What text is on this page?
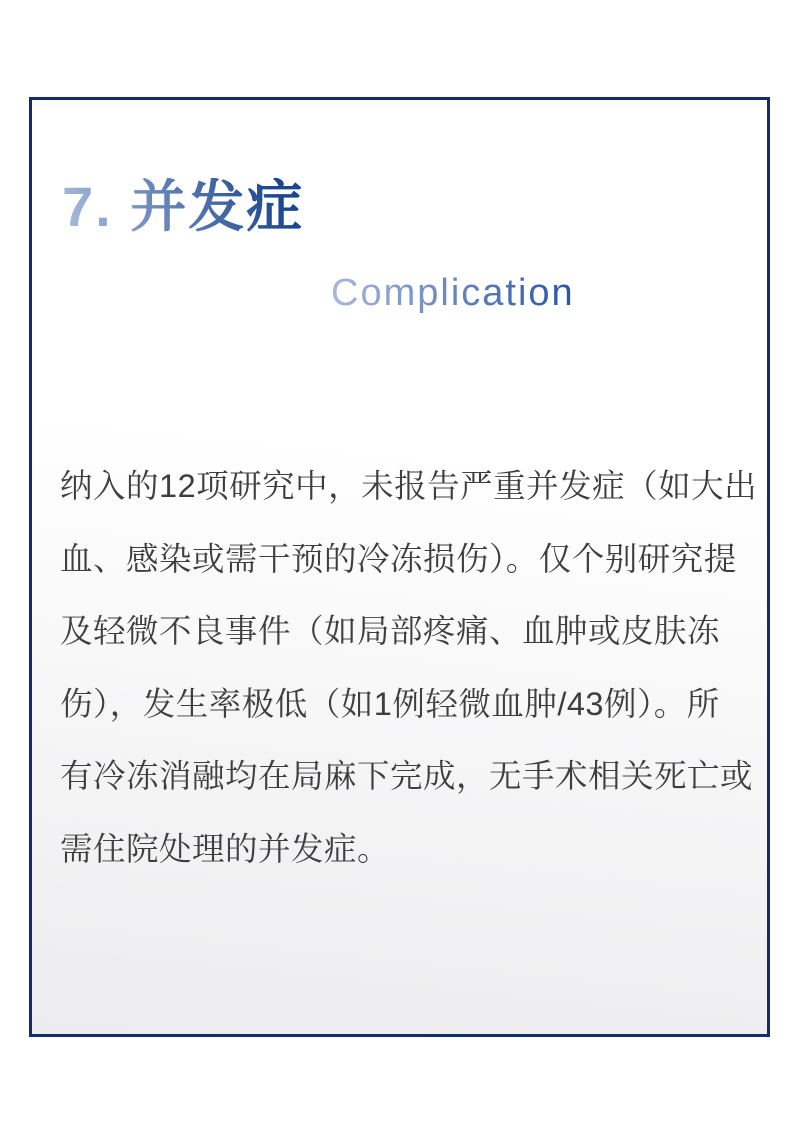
7. 并发症
/ Complication
纳入的12项研究中，未报告严重并发症（如大出
血、感染或需干预的冷冻损伤）。仅个别研究提
及轻微不良事件（如局部疼痛、血肿或皮肤冻
伤），发生率极低（如1例轻微血肿/43例）。所
有冷冻消融均在局麻下完成，无手术相关死亡或
需住院处理的并发症。
